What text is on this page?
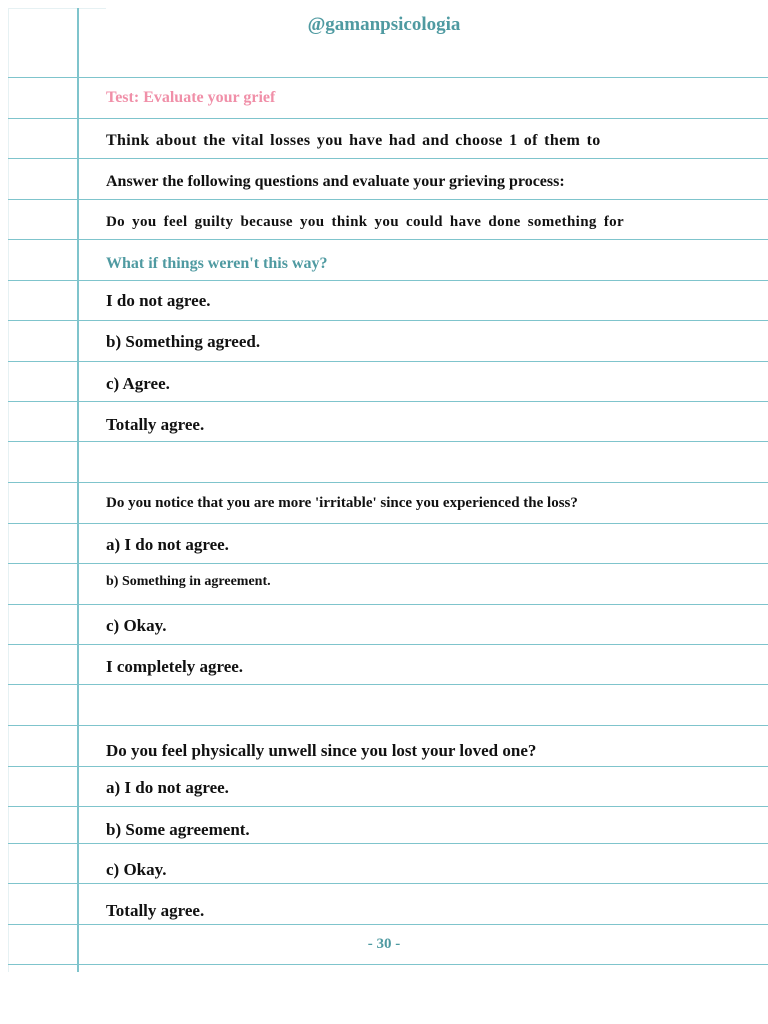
@gamanpsicologia
Test: Evaluate your grief
Think about the vital losses you have had and choose 1 of them to
Answer the following questions and evaluate your grieving process:
Do you feel guilty because you think you could have done something for
What if things weren't this way?
I do not agree.
b) Something agreed.
c) Agree.
Totally agree.
Do you notice that you are more 'irritable' since you experienced the loss?
a) I do not agree.
b) Something in agreement.
c) Okay.
I completely agree.
Do you feel physically unwell since you lost your loved one?
a) I do not agree.
b) Some agreement.
c) Okay.
Totally agree.
- 30 -
